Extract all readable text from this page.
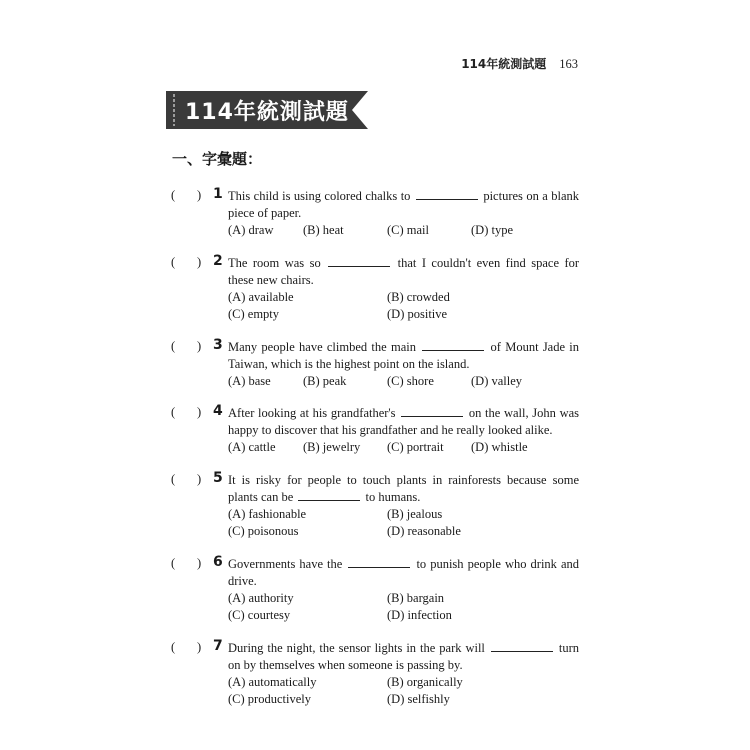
114年統測試題 163
114年統測試題
一、字彙題：
( ) 1 This child is using colored chalks to	pictures on a blank piece of paper.
(A) draw (B) heat	(C) mail	(D) type
( ) 2 The room was so	that I couldn't even find space for these new chairs.
(A) available	(B) crowded
(C) empty	(D) positive
( ) 3 Many people have climbed the main	of Mount Jade in Taiwan, which is the highest point on the island.
(A) base	(B) peak	(C) shore	(D) valley
( ) 4 After looking at his grandfather's	on the wall, John was happy to discover that his grandfather and he really looked alike.
(A) cattle (B) jewelry (C) portrait (D) whistle
( ) 5 It is risky for people to touch plants in rainforests because some plants can be	to humans.
(A) fashionable	(B) jealous
(C) poisonous	(D) reasonable
( ) 6 Governments have the	to punish people who drink and drive.
(A) authority	(B) bargain
(C) courtesy	(D) infection
( ) 7 During the night, the sensor lights in the park will	turn on by themselves when someone is passing by.
(A) automatically	(B) organically
(C) productively	(D) selfishly
